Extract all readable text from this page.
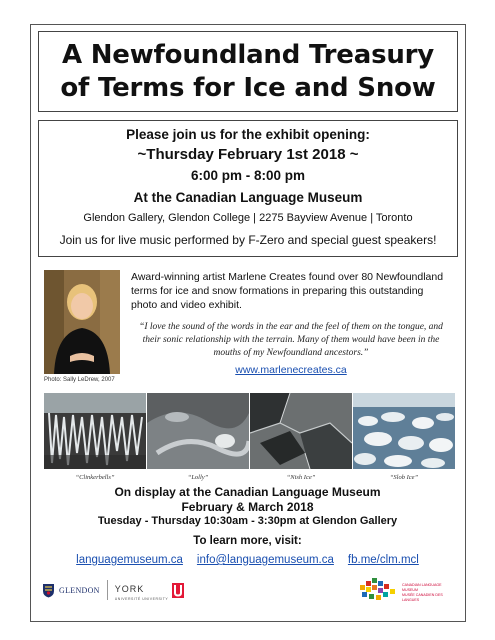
A Newfoundland Treasury
of Terms for Ice and Snow
Please join us for the exhibit opening:
~Thursday February 1st 2018 ~
6:00 pm - 8:00 pm
At the Canadian Language Museum
Glendon Gallery, Glendon College | 2275 Bayview Avenue | Toronto
Join us for live music performed by F-Zero and special guest speakers!
Photo: Sally LeDrew, 2007
Award-winning artist Marlene Creates found over 80 Newfoundland terms for ice and snow formations in preparing this outstanding photo and video exhibit.
“I love the sound of the words in the ear and the feel of them on the tongue, and their sonic relationship with the terrain. Many of them would have been in the mouths of my Newfoundland ancestors.”
www.marlenecreates.ca
“Clinkerbells”	“Lolly”	“Nish Ice”	“Slob Ice”
On display at the Canadian Language Museum
February & March 2018
Tuesday - Thursday 10:30am - 3:30pm at Glendon Gallery
To learn more, visit:
languagemuseum.ca info@languagemuseum.ca fb.me/clm.mcl
GLENDON YORK
UNIVERSITÉ UNIVERSITY
CANADIAN LANGUAGE MUSEUM
MUSÉE CANADIEN DES LANGUES
